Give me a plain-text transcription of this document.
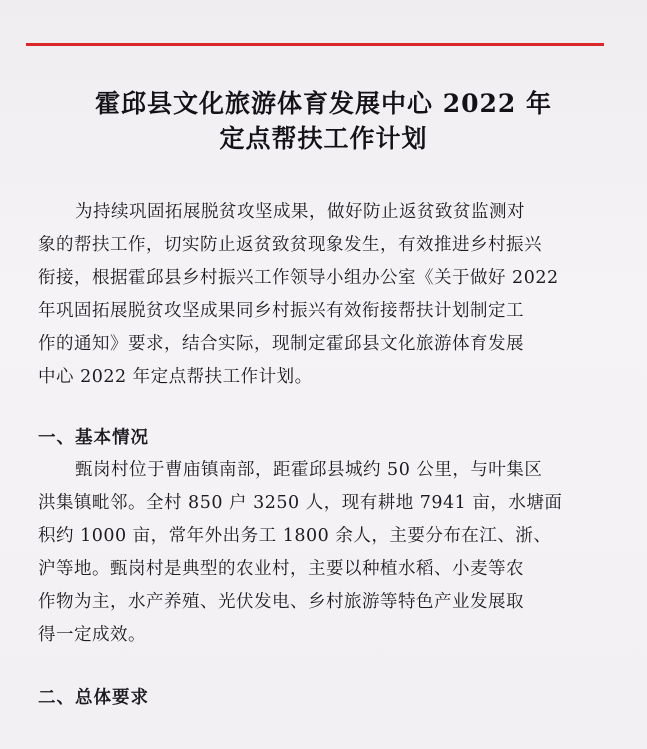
霍邱县文化旅游体育发展中心 2022 年
定点帮扶工作计划
为持续巩固拓展脱贫攻坚成果，做好防止返贫致贫监测对
象的帮扶工作，切实防止返贫致贫现象发生，有效推进乡村振兴
衔接，根据霍邱县乡村振兴工作领导小组办公室《关于做好 2022
年巩固拓展脱贫攻坚成果同乡村振兴有效衔接帮扶计划制定工
作的通知》要求，结合实际，现制定霍邱县文化旅游体育发展
中心 2022 年定点帮扶工作计划。
一、基本情况
甄岗村位于曹庙镇南部，距霍邱县城约 50 公里，与叶集区
洪集镇毗邻。全村 850 户 3250 人，现有耕地 7941 亩，水塘面
积约 1000 亩，常年外出务工 1800 余人，主要分布在江、浙、
沪等地。甄岗村是典型的农业村，主要以种植水稻、小麦等农
作物为主，水产养殖、光伏发电、乡村旅游等特色产业发展取
得一定成效。
二、总体要求
